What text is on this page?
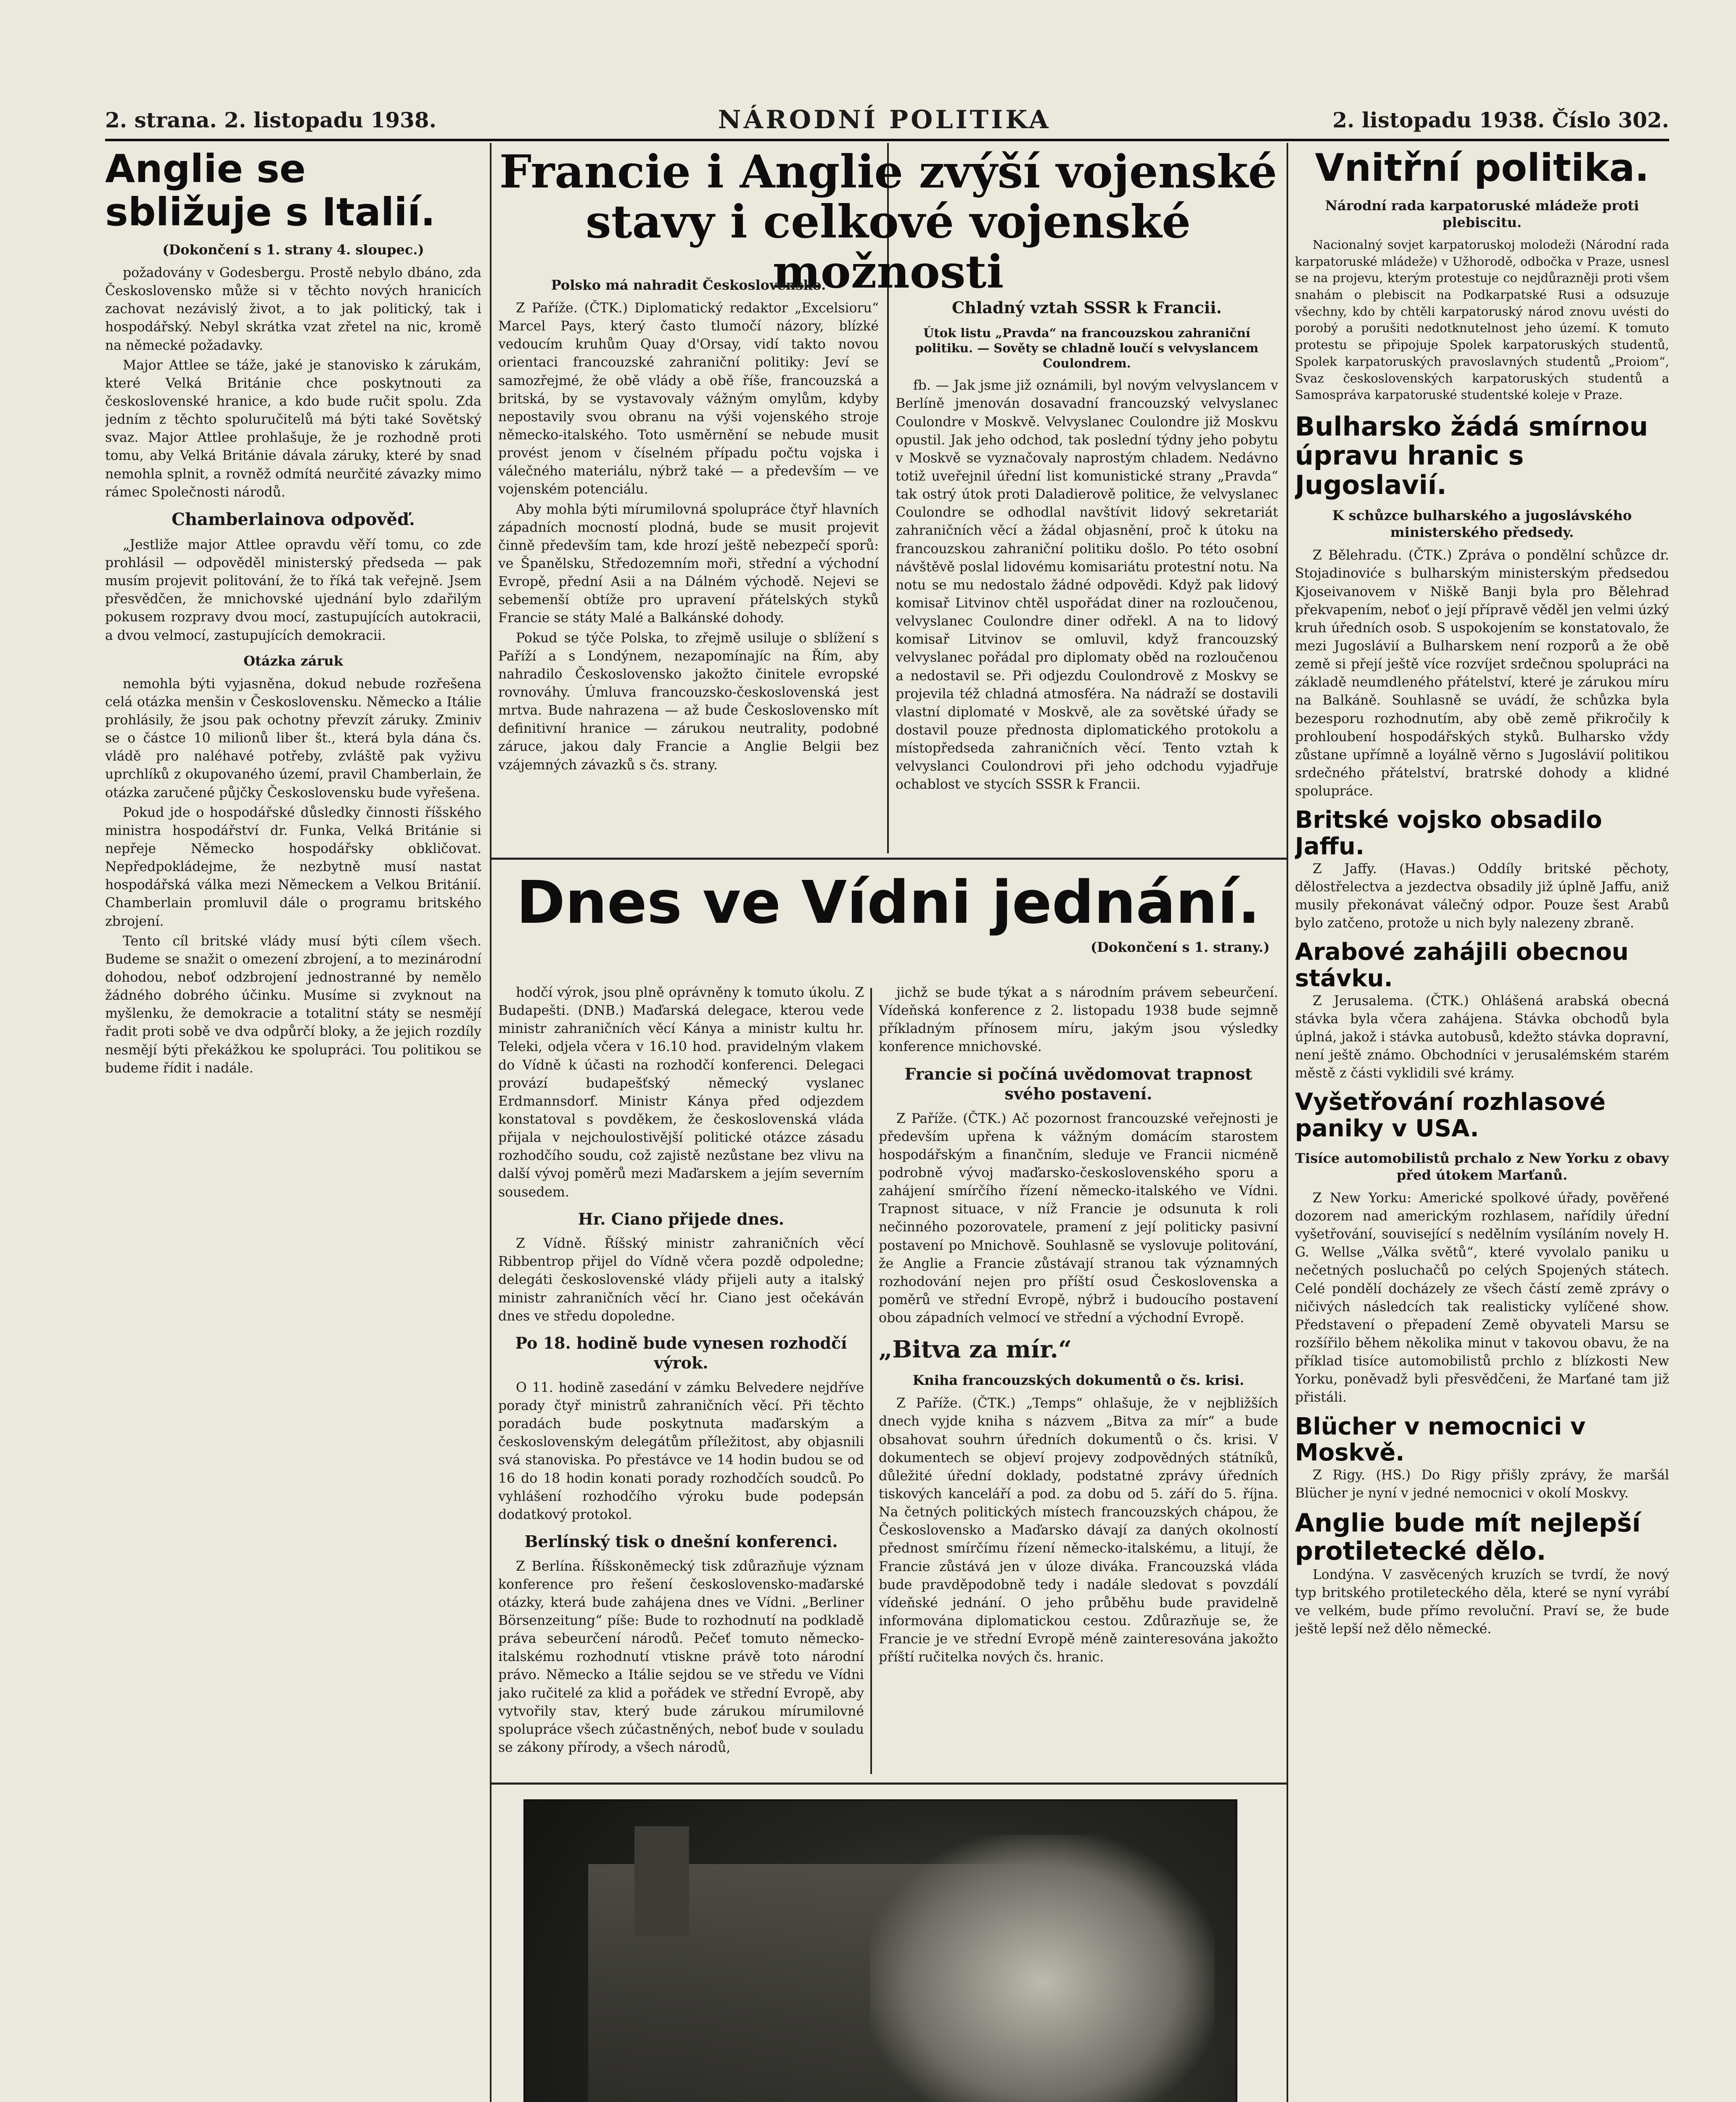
2. strana. 2. listopadu 1938.	NÁRODNÍ POLITIKA	2. listopadu 1938. Číslo 302.
Anglie se sbližuje s Italií.
(Dokončení s 1. strany 4. sloupec.)

požadovány v Godesbergu. Prostě nebylo dbáno, zda Československo může si v těchto nových hranicích zachovat nezávislý život, a to jak politický, tak i hospodářský. Nebyl skrátka vzat zřetel na nic, kromě na německé požadavky.

Major Attlee se táže, jaké je stanovisko k zárukám, které Velká Británie chce poskytnouti za československé hranice, a kdo bude ručit spolu. Zda jedním z těchto spoluručitelů má býti také Sovětský svaz. Major Attlee prohlašuje, že je rozhodně proti tomu, aby Velká Británie dávala záruky, které by snad nemohla splnit, a rovněž odmítá neurčité závazky mimo rámec Společnosti národů.

Chamberlainova odpověď.

„Jestliže major Attlee opravdu věří tomu, co zde prohlásil — odpověděl ministerský předseda — pak musím projevit politování, že to říká tak veřejně. Jsem přesvědčen, že mnichovské ujednání bylo zdařilým pokusem rozpravy dvou mocí, zastupujících autokracii, a dvou velmocí, zastupujících demokracii.

Otázka záruk

nemohla býti vyjasněna, dokud nebude rozřešena celá otázka menšin v Československu. Německo a Itálie prohlásily, že jsou pak ochotny převzít záruky. Zminiv se o částce 10 milionů liber št., která byla dána čs. vládě pro naléhavé potřeby, zvláště pak vyživu uprchlíků z okupovaného území, pravil Chamberlain, že otázka zaručené půjčky Československu bude vyřešena.

Pokud jde o hospodářské důsledky činnosti říšského ministra hospodářství dr. Funka, Velká Británie si nepřeje Německo hospodářsky obkličovat. Nepředpokládejme, že nezbytně musí nastat hospodářská válka mezi Německem a Velkou Británií. Chamberlain promluvil dále o programu britského zbrojení.

Tento cíl britské vlády musí býti cílem všech. Budeme se snažit o omezení zbrojení, a to mezinárodní dohodou, neboť odzbrojení jednostranné by nemělo žádného dobrého účinku. Musíme si zvyknout na myšlenku, že demokracie a totalitní státy se nesmějí řadit proti sobě ve dva odpůrčí bloky, a že jejich rozdíly nesmějí býti překážkou ke spolupráci. Tou politikou se budeme řídit i nadále.

Francie i Anglie zvýší vojenské stavy i celkové vojenské možnosti
Polsko má nahradit Československo.

Z Paříže. (ČTK.) Diplomatický redaktor „Excelsioru“ Marcel Pays, který často tlumočí názory, blízké vedoucím kruhům Quay d'Orsay, vidí takto novou orientaci francouzské zahraniční politiky: Jeví se samozřejmé, že obě vlády a obě říše, francouzská a britská, by se vystavovaly vážným omylům, kdyby nepostavily svou obranu na výši vojenského stroje německo-italského. Toto usměrnění se nebude musit provést jenom v číselném případu počtu vojska i válečného materiálu, nýbrž také — a především — ve vojenském potenciálu.

Aby mohla býti mírumilovná spolupráce čtyř hlavních západních mocností plodná, bude se musit projevit činně především tam, kde hrozí ještě nebezpečí sporů: ve Španělsku, Středozemním moři, střední a východní Evropě, přední Asii a na Dálném východě. Nejevi se sebemenší obtíže pro upravení přátelských styků Francie se státy Malé a Balkánské dohody.

Pokud se týče Polska, to zřejmě usiluje o sblížení s Paříží a s Londýnem, nezapomínajíc na Řím, aby nahradilo Československo jakožto činitele evropské rovnováhy. Úmluva francouzsko-československá jest mrtva. Bude nahrazena — až bude Československo mít definitivní hranice — zárukou neutrality, podobné záruce, jakou daly Francie a Anglie Belgii bez vzájemných závazků s čs. strany.

Chladný vztah SSSR k Francii.
Útok listu „Pravda“ na francouzskou zahraniční politiku. — Sověty se chladně loučí s velvyslancem Coulondrem.

fb. — Jak jsme již oznámili, byl novým velvyslancem v Berlíně jmenován dosavadní francouzský velvyslanec Coulondre v Moskvě. Velvyslanec Coulondre již Moskvu opustil. Jak jeho odchod, tak poslední týdny jeho pobytu v Moskvě se vyznačovaly naprostým chladem. Nedávno totiž uveřejnil úřední list komunistické strany „Pravda“ tak ostrý útok proti Daladierově politice, že velvyslanec Coulondre se odhodlal navštívit lidový sekretariát zahraničních věcí a žádal objasnění, proč k útoku na francouzskou zahraniční politiku došlo. Po této osobní návštěvě poslal lidovému komisariátu protestní notu. Na notu se mu nedostalo žádné odpovědi. Když pak lidový komisař Litvinov chtěl uspořádat diner na rozloučenou, velvyslanec Coulondre diner odřekl. A na to lidový komisař Litvinov se omluvil, když francouzský velvyslanec pořádal pro diplomaty oběd na rozloučenou a nedostavil se. Při odjezdu Coulondrově z Moskvy se projevila též chladná atmosféra. Na nádraží se dostavili vlastní diplomaté v Moskvě, ale za sovětské úřady se dostavil pouze přednosta diplomatického protokolu a místopředseda zahraničních věcí. Tento vztah k velvyslanci Coulondrovi při jeho odchodu vyjadřuje ochablost ve stycích SSSR k Francii.

Dnes ve Vídni jednání.
(Dokončení s 1. strany.)

hodčí výrok, jsou plně oprávněny k tomuto úkolu. Z Budapešti. (DNB.) Maďarská delegace, kterou vede ministr zahraničních věcí Kánya a ministr kultu hr. Teleki, odjela včera v 16.10 hod. pravidelným vlakem do Vídně k účasti na rozhodčí konferenci. Delegaci provází budapešťský německý vyslanec Erdmannsdorf. Ministr Kánya před odjezdem konstatoval s povděkem, že československá vláda přijala v nejchoulostivější politické otázce zásadu rozhodčího soudu, což zajistě nezůstane bez vlivu na další vývoj poměrů mezi Maďarskem a jejím severním sousedem.

Hr. Ciano přijede dnes.

Z Vídně. Říšský ministr zahraničních věcí Ribbentrop přijel do Vídně včera pozdě odpoledne; delegáti československé vlády přijeli auty a italský ministr zahraničních věcí hr. Ciano jest očekáván dnes ve středu dopoledne.

Po 18. hodině bude vynesen rozhodčí výrok.

O 11. hodině zasedání v zámku Belvedere nejdříve porady čtyř ministrů zahraničních věcí. Při těchto poradách bude poskytnuta maďarským a československým delegátům příležitost, aby objasnili svá stanoviska. Po přestávce ve 14 hodin budou se od 16 do 18 hodin konati porady rozhodčích soudců. Po vyhlášení rozhodčího výroku bude podepsán dodatkový protokol.

Berlínský tisk o dnešní konferenci.

Z Berlína. Říšskoněmecký tisk zdůrazňuje význam konference pro řešení československo-maďarské otázky, která bude zahájena dnes ve Vídni. „Berliner Börsenzeitung“ píše: Bude to rozhodnutí na podkladě práva sebeurčení národů. Pečeť tomuto německo-italskému rozhodnutí vtiskne právě toto národní právo. Německo a Itálie sejdou se ve středu ve Vídni jako ručitelé za klid a pořádek ve střední Evropě, aby vytvořily stav, který bude zárukou mírumilovné spolupráce všech zúčastněných, neboť bude v souladu se zákony přírody, a všech národů,

jichž se bude týkat a s národním právem sebeurčení. Vídeňská konference z 2. listopadu 1938 bude sejmně příkladným přínosem míru, jakým jsou výsledky konference mnichovské.

Francie si počíná uvědomovat trapnost svého postavení.

Z Paříže. (ČTK.) Ač pozornost francouzské veřejnosti je především upřena k vážným domácím starostem hospodářským a finančním, sleduje ve Francii nicméně podrobně vývoj maďarsko-československého sporu a zahájení smírčího řízení německo-italského ve Vídni. Trapnost situace, v níž Francie je odsunuta k roli nečinného pozorovatele, pramení z její politicky pasivní postavení po Mnichově. Souhlasně se vyslovuje politování, že Anglie a Francie zůstávají stranou tak významných rozhodování nejen pro příští osud Československa a poměrů ve střední Evropě, nýbrž i budoucího postavení obou západních velmocí ve střední a východní Evropě.

„Bitva za mír.“
Kniha francouzských dokumentů o čs. krisi.

Z Paříže. (ČTK.) „Temps“ ohlašuje, že v nejbližších dnech vyjde kniha s názvem „Bitva za mír“ a bude obsahovat souhrn úředních dokumentů o čs. krisi. V dokumentech se objeví projevy zodpovědných státníků, důležité úřední doklady, podstatné zprávy úředních tiskových kanceláří a pod. za dobu od 5. září do 5. října. Na četných politických místech francouzských chápou, že Československo a Maďarsko dávají za daných okolností přednost smírčímu řízení německo-italskému, a litují, že Francie zůstává jen v úloze diváka. Francouzská vláda bude pravděpodobně tedy i nadále sledovat s povzdálí vídeňské jednání. O jeho průběhu bude pravidelně informována diplomatickou cestou. Zdůrazňuje se, že Francie je ve střední Evropě méně zainteresována jakožto příští ručitelka nových čs. hranic.

Vnitřní politika.
Národní rada karpatoruské mládeže proti plebiscitu.

Nacionalný sovjet karpatoruskoj molodeži (Národní rada karpatoruské mládeže) v Užhorodě, odbočka v Praze, usnesl se na projevu, kterým protestuje co nejdůrazněji proti všem snahám o plebiscit na Podkarpatské Rusi a odsuzuje všechny, kdo by chtěli karpatoruský národ znovu uvésti do porobý a porušiti nedotknutelnost jeho území. K tomuto protestu se připojuje Spolek karpatoruských studentů, Spolek karpatoruských pravoslavných studentů „Proiom“, Svaz československých karpatoruských studentů a Samospráva karpatoruské studentské koleje v Praze.

Bulharsko žádá smírnou úpravu hranic s Jugoslavií.
K schůzce bulharského a jugoslávského ministerského předsedy.

Z Bělehradu. (ČTK.) Zpráva o pondělní schůzce dr. Stojadinoviće s bulharským ministerským předsedou Kjoseivanovem v Niškě Banji byla pro Bělehrad překvapením, neboť o její přípravě věděl jen velmi úzký kruh úředních osob. S uspokojením se konstatovalo, že mezi Jugoslávií a Bulharskem není rozporů a že obě země si přejí ještě více rozvíjet srdečnou spolupráci na základě neumdleného přátelství, které je zárukou míru na Balkáně. Souhlasně se uvádí, že schůzka byla bezesporu rozhodnutím, aby obě země přikročily k prohloubení hospodářských styků. Bulharsko vždy zůstane upřímně a loyálně věrno s Jugoslávií politikou srdečného přátelství, bratrské dohody a klidné spolupráce.

Britské vojsko obsadilo Jaffu.

Z Jaffy. (Havas.) Oddíly britské pěchoty, dělostřelectva a jezdectva obsadily již úplně Jaffu, aniž musily překonávat válečný odpor. Pouze šest Arabů bylo zatčeno, protože u nich byly nalezeny zbraně.

Arabové zahájili obecnou stávku.

Z Jerusalema. (ČTK.) Ohlášená arabská obecná stávka byla včera zahájena. Stávka obchodů byla úplná, jakož i stávka autobusů, kdežto stávka dopravní, není ještě známo. Obchodníci v jerusalémském starém městě z části vyklidili své krámy.

Vyšetřování rozhlasové paniky v USA.
Tisíce automobilistů prchalo z New Yorku z obavy před útokem Marťanů.

Z New Yorku: Americké spolkové úřady, pověřené dozorem nad americkým rozhlasem, nařídily úřední vyšetřování, související s nedělním vysíláním novely H. G. Wellse „Válka světů“, které vyvolalo paniku u nečetných posluchačů po celých Spojených státech. Celé pondělí docházely ze všech částí země zprávy o ničivých následcích tak realisticky vylíčené show. Představení o přepadení Země obyvateli Marsu se rozšířilo během několika minut v takovou obavu, že na příklad tisíce automobilistů prchlo z blízkosti New Yorku, poněvadž byli přesvědčeni, že Marťané tam již přistáli.

Blücher v nemocnici v Moskvě.

Z Rigy. (HS.) Do Rigy přišly zprávy, že maršál Blücher je nyní v jedné nemocnici v okolí Moskvy.

Anglie bude mít nejlepší protiletecké dělo.

Londýna. V zasvěcených kruzích se tvrdí, že nový typ britského protileteckého děla, které se nyní vyrábí ve velkém, bude přímo revoluční. Praví se, že bude ještě lepší než dělo německé.
